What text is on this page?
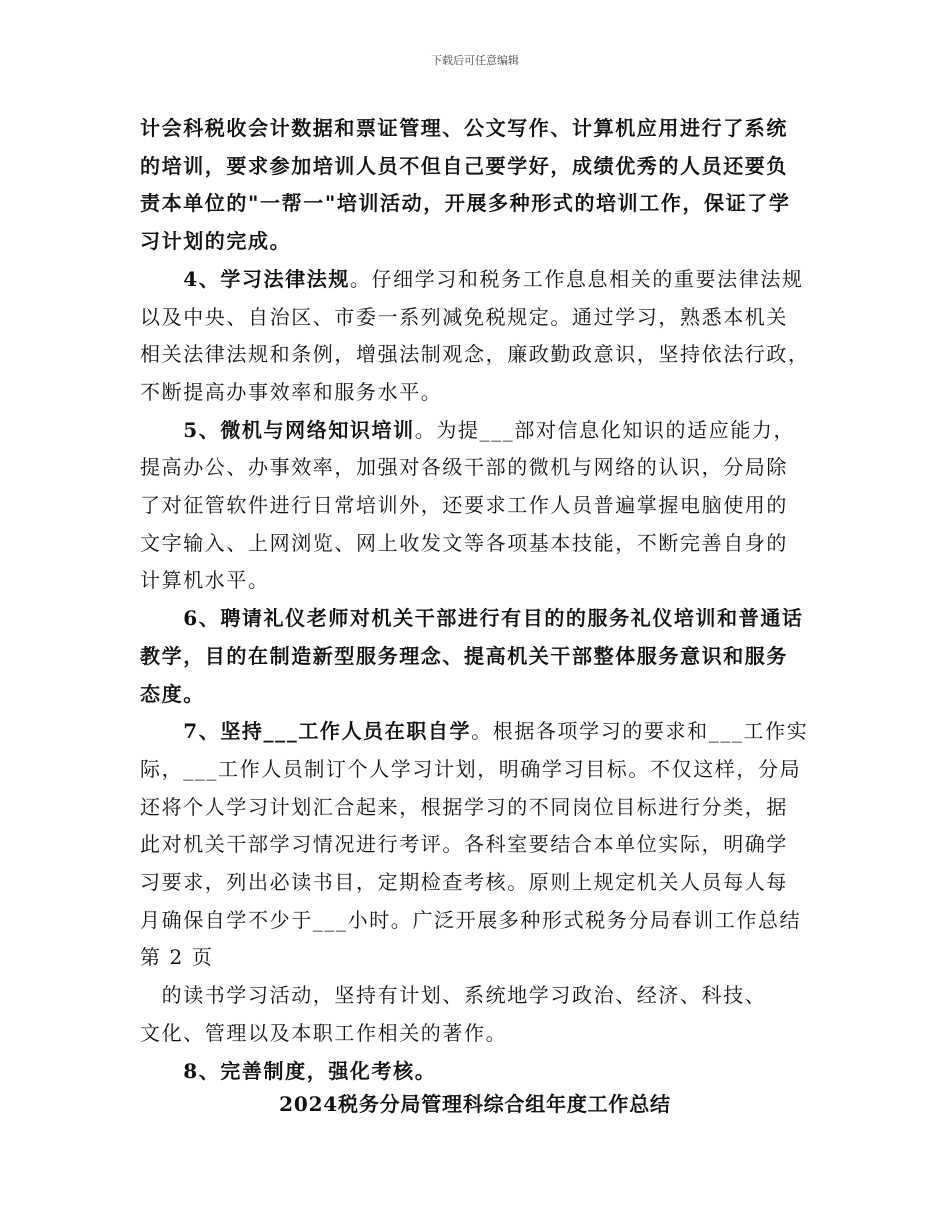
下载后可任意编辑

计会科税收会计数据和票证管理、公文写作、计算机应用进行了系统
的培训，要求参加培训人员不但自己要学好，成绩优秀的人员还要负
责本单位的"一帮一"培训活动，开展多种形式的培训工作，保证了学
习计划的完成。

  4、学习法律法规。仔细学习和税务工作息息相关的重要法律法规
以及中央、自治区、市委一系列减免税规定。通过学习，熟悉本机关
相关法律法规和条例，增强法制观念，廉政勤政意识，坚持依法行政，
不断提高办事效率和服务水平。

  5、微机与网络知识培训。为提___部对信息化知识的适应能力，
提高办公、办事效率，加强对各级干部的微机与网络的认识，分局除
了对征管软件进行日常培训外，还要求工作人员普遍掌握电脑使用的
文字输入、上网浏览、网上收发文等各项基本技能，不断完善自身的
计算机水平。

  6、聘请礼仪老师对机关干部进行有目的的服务礼仪培训和普通话
教学，目的在制造新型服务理念、提高机关干部整体服务意识和服务
态度。

  7、坚持___工作人员在职自学。根据各项学习的要求和___工作实
际，___工作人员制订个人学习计划，明确学习目标。不仅这样，分局
还将个人学习计划汇合起来，根据学习的不同岗位目标进行分类，据
此对机关干部学习情况进行考评。各科室要结合本单位实际，明确学
习要求，列出必读书目，定期检查考核。原则上规定机关人员每人每
月确保自学不少于___小时。广泛开展多种形式税务分局春训工作总结
第 2 页

 的读书学习活动，坚持有计划、系统地学习政治、经济、科技、
文化、管理以及本职工作相关的著作。

  8、完善制度，强化考核。

2024税务分局管理科综合组年度工作总结
